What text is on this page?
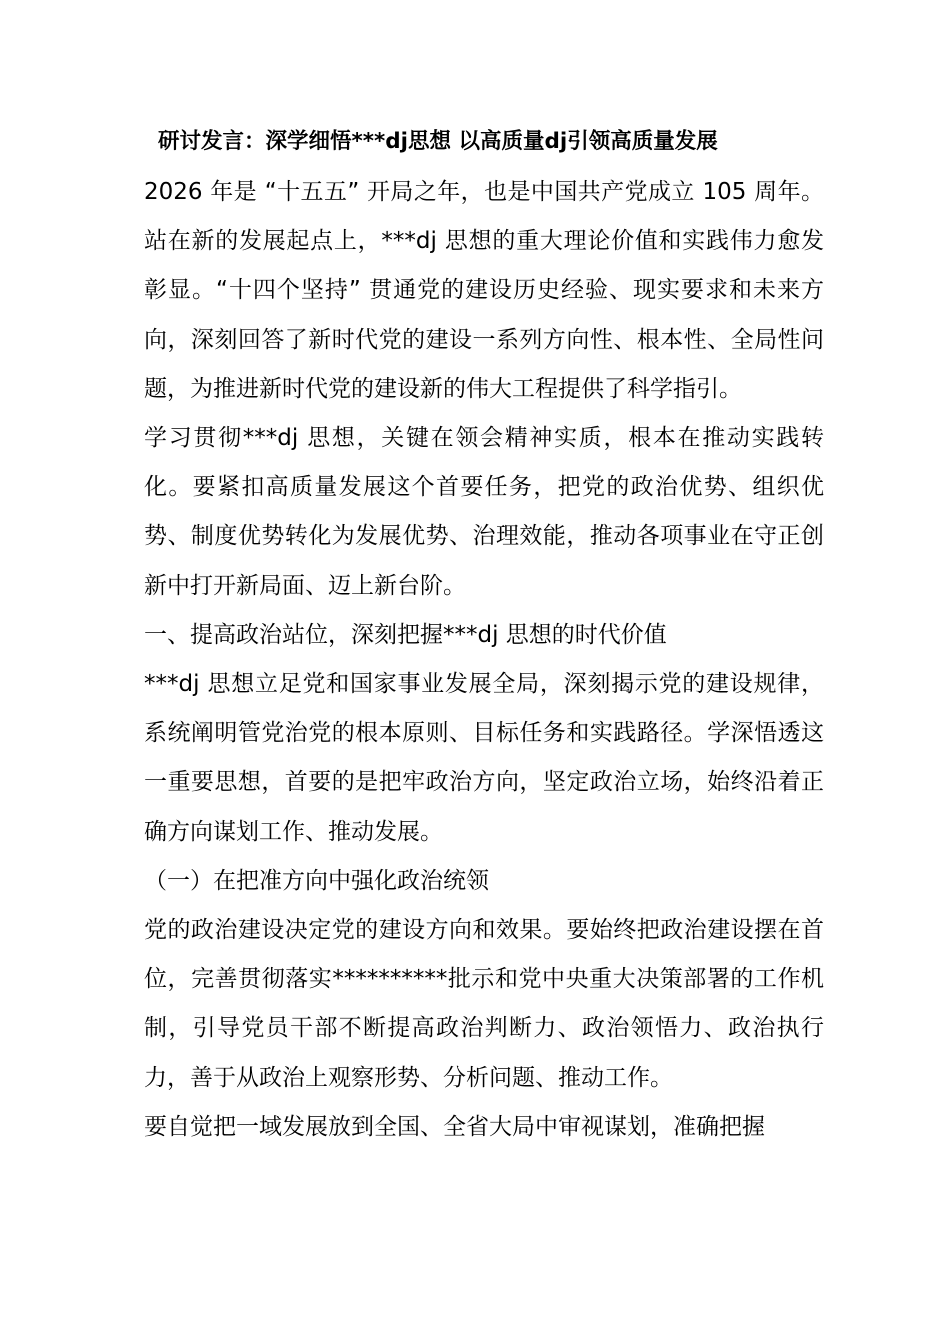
研讨发言：深学细悟***dj思想 以高质量dj引领高质量发展

2026 年是 “十五五” 开局之年，也是中国共产党成立 105 周年。站在新的发展起点上，***dj 思想的重大理论价值和实践伟力愈发彰显。“十四个坚持” 贯通党的建设历史经验、现实要求和未来方向，深刻回答了新时代党的建设一系列方向性、根本性、全局性问题，为推进新时代党的建设新的伟大工程提供了科学指引。

学习贯彻***dj 思想，关键在领会精神实质，根本在推动实践转化。要紧扣高质量发展这个首要任务，把党的政治优势、组织优势、制度优势转化为发展优势、治理效能，推动各项事业在守正创新中打开新局面、迈上新台阶。

一、提高政治站位，深刻把握***dj 思想的时代价值

***dj 思想立足党和国家事业发展全局，深刻揭示党的建设规律，系统阐明管党治党的根本原则、目标任务和实践路径。学深悟透这一重要思想，首要的是把牢政治方向，坚定政治立场，始终沿着正确方向谋划工作、推动发展。

（一）在把准方向中强化政治统领

党的政治建设决定党的建设方向和效果。要始终把政治建设摆在首位，完善贯彻落实**********批示和党中央重大决策部署的工作机制，引导党员干部不断提高政治判断力、政治领悟力、政治执行力，善于从政治上观察形势、分析问题、推动工作。

要自觉把一域发展放到全国、全省大局中审视谋划，准确把握
